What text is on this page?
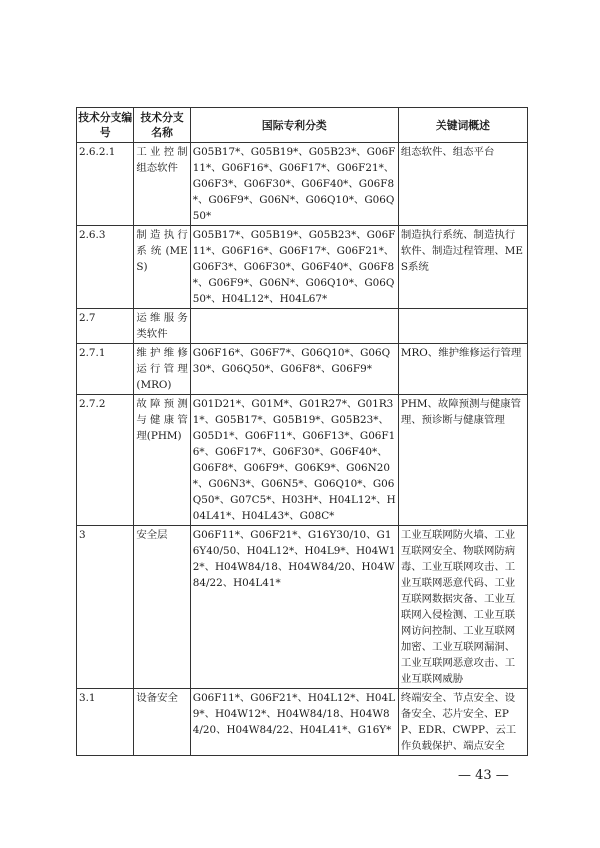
技术分支编号	技术分支名称	国际专利分类	关键词概述
2.6.2.1	工业控制组态软件	G05B17*、G05B19*、G05B23*、G06F11*、G06F16*、G06F17*、G06F21*、G06F3*、G06F30*、G06F40*、G06F8*、G06F9*、G06N*、G06Q10*、G06Q50*	组态软件、组态平台
2.6.3	制造执行系统(MES)	G05B17*、G05B19*、G05B23*、G06F11*、G06F16*、G06F17*、G06F21*、G06F3*、G06F30*、G06F40*、G06F8*、G06F9*、G06N*、G06Q10*、G06Q50*、H04L12*、H04L67*	制造执行系统、制造执行软件、制造过程管理、MES系统
2.7	运维服务类软件		
2.7.1	维护维修运行管理(MRO)	G06F16*、G06F7*、G06Q10*、G06Q30*、G06Q50*、G06F8*、G06F9*	MRO、维护维修运行管理
2.7.2	故障预测与健康管理(PHM)	G01D21*、G01M*、G01R27*、G01R31*、G05B17*、G05B19*、G05B23*、G05D1*、G06F11*、G06F13*、G06F16*、G06F17*、G06F30*、G06F40*、G06F8*、G06F9*、G06K9*、G06N20*、G06N3*、G06N5*、G06Q10*、G06Q50*、G07C5*、H03H*、H04L12*、H04L41*、H04L43*、G08C*	PHM、故障预测与健康管理、预诊断与健康管理
3	安全层	G06F11*、G06F21*、G16Y30/10、G16Y40/50、H04L12*、H04L9*、H04W12*、H04W84/18、H04W84/20、H04W84/22、H04L41*	工业互联网防火墙、工业互联网安全、物联网防病毒、工业互联网攻击、工业互联网恶意代码、工业互联网数据灾备、工业互联网入侵检测、工业互联网访问控制、工业互联网加密、工业互联网漏洞、工业互联网恶意攻击、工业互联网威胁
3.1	设备安全	G06F11*、G06F21*、H04L12*、H04L9*、H04W12*、H04W84/18、H04W84/20、H04W84/22、H04L41*、G16Y*	终端安全、节点安全、设备安全、芯片安全、EPP、EDR、CWPP、云工作负载保护、端点安全
— 43 —
